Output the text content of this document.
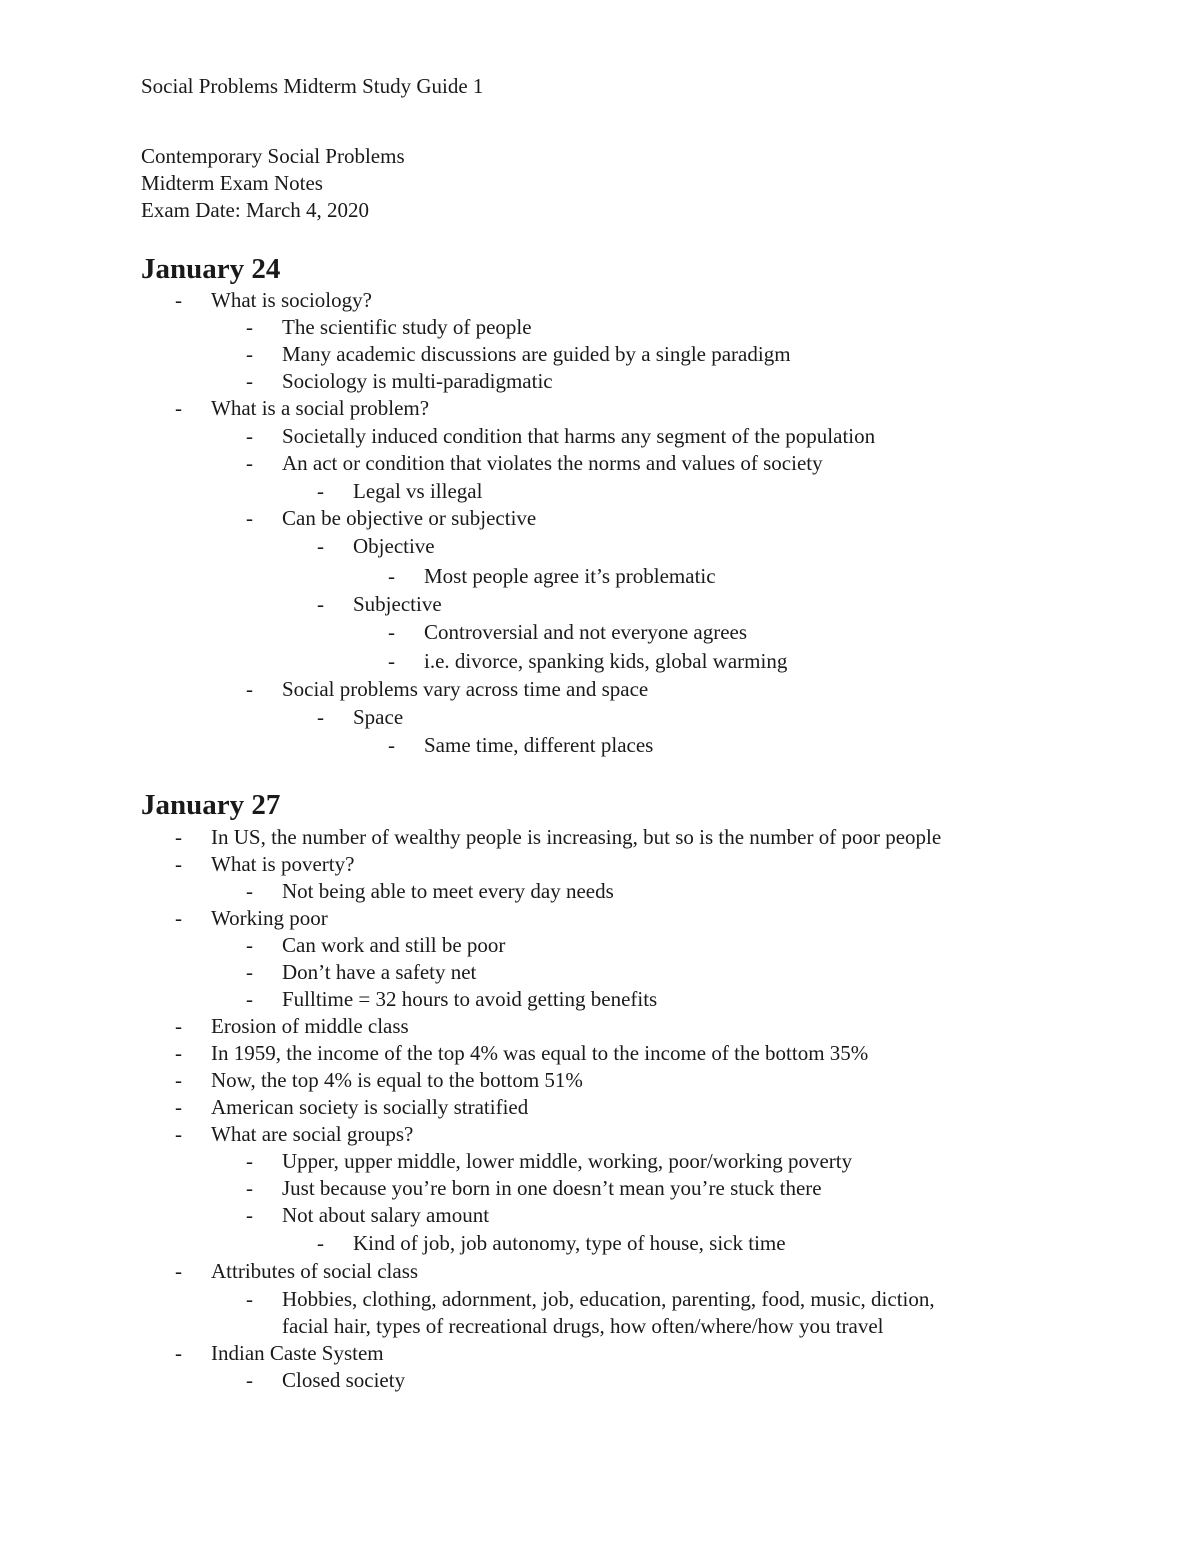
Social Problems Midterm Study Guide 1
Contemporary Social Problems
Midterm Exam Notes
Exam Date: March 4, 2020
January 24
- What is sociology?
- The scientific study of people
- Many academic discussions are guided by a single paradigm
- Sociology is multi-paradigmatic
- What is a social problem?
- Societally induced condition that harms any segment of the population
- An act or condition that violates the norms and values of society
- Legal vs illegal
- Can be objective or subjective
- Objective
- Most people agree it’s problematic
- Subjective
- Controversial and not everyone agrees
- i.e. divorce, spanking kids, global warming
- Social problems vary across time and space
- Space
- Same time, different places
January 27
- In US, the number of wealthy people is increasing, but so is the number of poor people
- What is poverty?
- Not being able to meet every day needs
- Working poor
- Can work and still be poor
- Don’t have a safety net
- Fulltime = 32 hours to avoid getting benefits
- Erosion of middle class
- In 1959, the income of the top 4% was equal to the income of the bottom 35%
- Now, the top 4% is equal to the bottom 51%
- American society is socially stratified
- What are social groups?
- Upper, upper middle, lower middle, working, poor/working poverty
- Just because you’re born in one doesn’t mean you’re stuck there
- Not about salary amount
- Kind of job, job autonomy, type of house, sick time
- Attributes of social class
- Hobbies, clothing, adornment, job, education, parenting, food, music, diction,
facial hair, types of recreational drugs, how often/where/how you travel
- Indian Caste System
- Closed society
